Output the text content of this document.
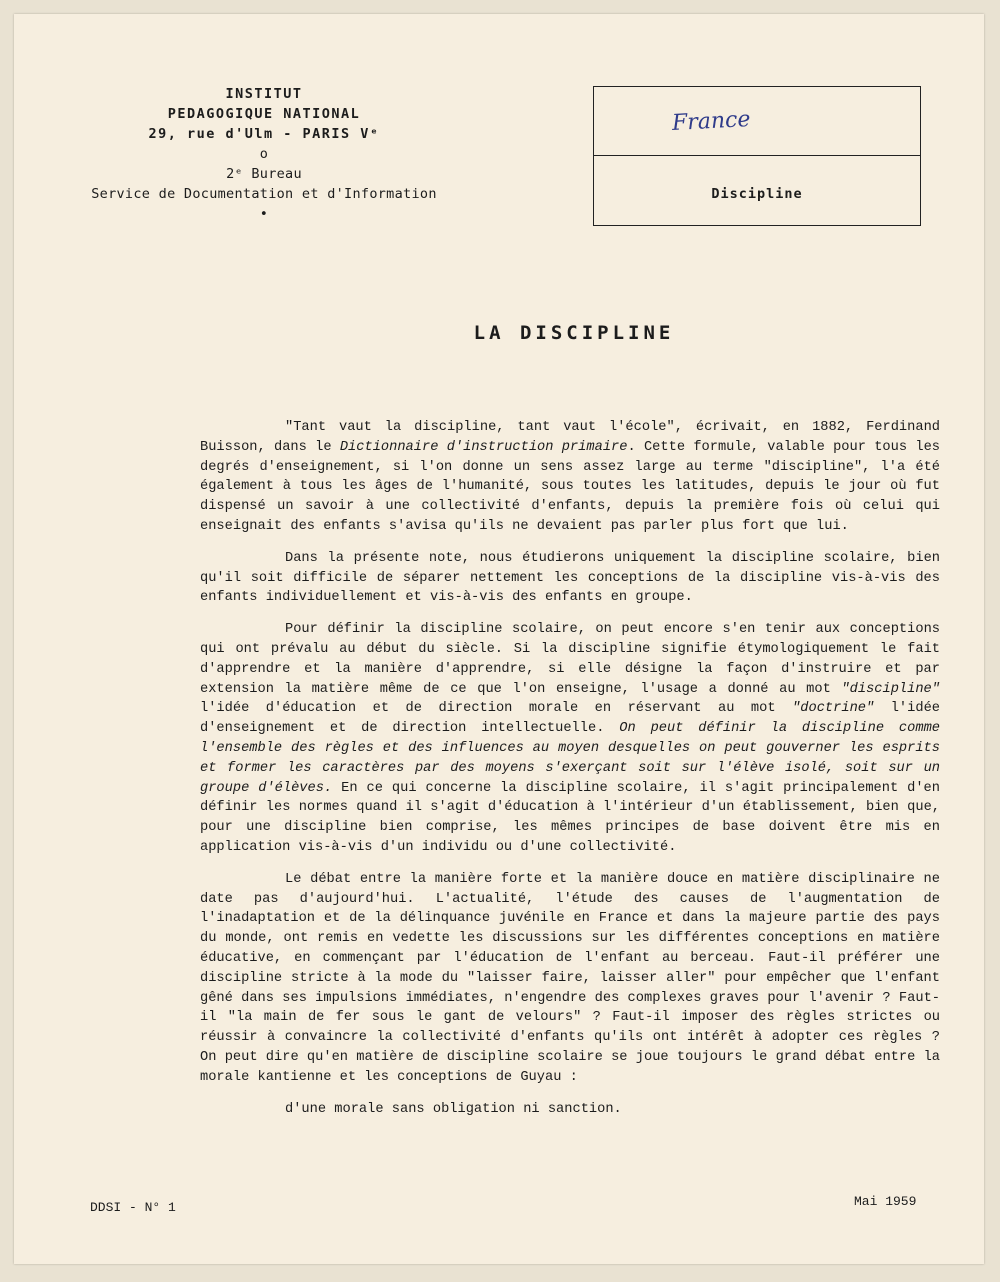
INSTITUT
PEDAGOGIQUE NATIONAL
29, rue d'Ulm - PARIS Vᵉ
o
2ᵉ Bureau
Service de Documentation et d'Information
•
France
Discipline
LA DISCIPLINE

"Tant vaut la discipline, tant vaut l'école", écrivait, en 1882, Ferdinand Buisson, dans le Dictionnaire d'instruction primaire. Cette formule, valable pour tous les degrés d'enseignement, si l'on donne un sens assez large au terme "discipline", l'a été également à tous les âges de l'humanité, sous toutes les latitudes, depuis le jour où fut dispensé un savoir à une collectivité d'enfants, depuis la première fois où celui qui enseignait des enfants s'avisa qu'ils ne devaient pas parler plus fort que lui.

Dans la présente note, nous étudierons uniquement la discipline scolaire, bien qu'il soit difficile de séparer nettement les conceptions de la discipline vis-à-vis des enfants individuellement et vis-à-vis des enfants en groupe.

Pour définir la discipline scolaire, on peut encore s'en tenir aux conceptions qui ont prévalu au début du siècle. Si la discipline signifie étymologiquement le fait d'apprendre et la manière d'apprendre, si elle désigne la façon d'instruire et par extension la matière même de ce que l'on enseigne, l'usage a donné au mot "discipline" l'idée d'éducation et de direction morale en réservant au mot "doctrine" l'idée d'enseignement et de direction intellectuelle. On peut définir la discipline comme l'ensemble des règles et des influences au moyen desquelles on peut gouverner les esprits et former les caractères par des moyens s'exerçant soit sur l'élève isolé, soit sur un groupe d'élèves. En ce qui concerne la discipline scolaire, il s'agit principalement d'en définir les normes quand il s'agit d'éducation à l'intérieur d'un établissement, bien que, pour une discipline bien comprise, les mêmes principes de base doivent être mis en application vis-à-vis d'un individu ou d'une collectivité.

Le débat entre la manière forte et la manière douce en matière disciplinaire ne date pas d'aujourd'hui. L'actualité, l'étude des causes de l'augmentation de l'inadaptation et de la délinquance juvénile en France et dans la majeure partie des pays du monde, ont remis en vedette les discussions sur les différentes conceptions en matière éducative, en commençant par l'éducation de l'enfant au berceau. Faut-il préférer une discipline stricte à la mode du "laisser faire, laisser aller" pour empêcher que l'enfant gêné dans ses impulsions immédiates, n'engendre des complexes graves pour l'avenir ? Faut-il "la main de fer sous le gant de velours" ? Faut-il imposer des règles strictes ou réussir à convaincre la collectivité d'enfants qu'ils ont intérêt à adopter ces règles ? On peut dire qu'en matière de discipline scolaire se joue toujours le grand débat entre la morale kantienne et les conceptions de Guyau :

d'une morale sans obligation ni sanction.
DDSI - N° 1	Mai 1959
